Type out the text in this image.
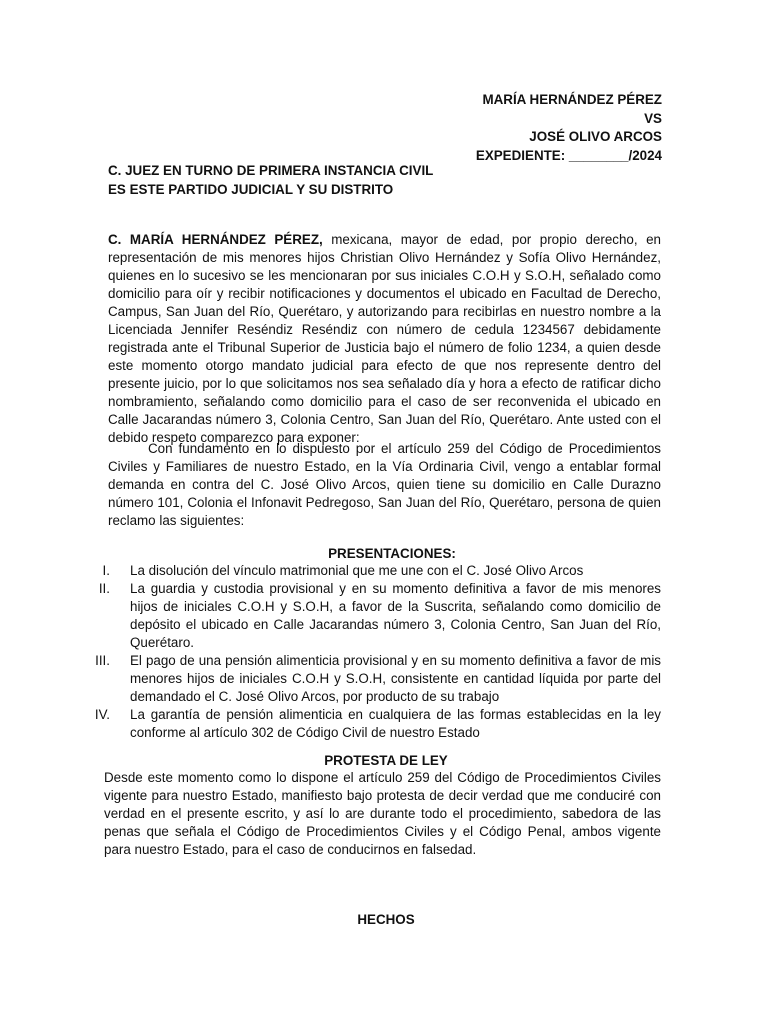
MARÍA HERNÁNDEZ PÉREZ
VS
JOSÉ OLIVO ARCOS
EXPEDIENTE: ________/2024
C. JUEZ EN TURNO DE PRIMERA INSTANCIA CIVIL
ES ESTE PARTIDO JUDICIAL Y SU DISTRITO
C. MARÍA HERNÁNDEZ PÉREZ, mexicana, mayor de edad, por propio derecho, en representación de mis menores hijos Christian Olivo Hernández y Sofía Olivo Hernández, quienes en lo sucesivo se les mencionaran por sus iniciales C.O.H y S.O.H, señalado como domicilio para oír y recibir notificaciones y documentos el ubicado en Facultad de Derecho, Campus, San Juan del Río, Querétaro, y autorizando para recibirlas en nuestro nombre a la Licenciada Jennifer Reséndiz Reséndiz con número de cedula 1234567 debidamente registrada ante el Tribunal Superior de Justicia bajo el número de folio 1234, a quien desde este momento otorgo mandato judicial para efecto de que nos represente dentro del presente juicio, por lo que solicitamos nos sea señalado día y hora a efecto de ratificar dicho nombramiento, señalando como domicilio para el caso de ser reconvenida el ubicado en Calle Jacarandas número 3, Colonia Centro, San Juan del Río, Querétaro. Ante usted con el debido respeto comparezco para exponer:
Con fundamento en lo dispuesto por el artículo 259 del Código de Procedimientos Civiles y Familiares de nuestro Estado, en la Vía Ordinaria Civil, vengo a entablar formal demanda en contra del C. José Olivo Arcos, quien tiene su domicilio en Calle Durazno número 101, Colonia el Infonavit Pedregoso, San Juan del Río, Querétaro, persona de quien reclamo las siguientes:
PRESENTACIONES:
I. La disolución del vínculo matrimonial que me une con el C. José Olivo Arcos
II. La guardia y custodia provisional y en su momento definitiva a favor de mis menores hijos de iniciales C.O.H y S.O.H, a favor de la Suscrita, señalando como domicilio de depósito el ubicado en Calle Jacarandas número 3, Colonia Centro, San Juan del Río, Querétaro.
III. El pago de una pensión alimenticia provisional y en su momento definitiva a favor de mis menores hijos de iniciales C.O.H y S.O.H, consistente en cantidad líquida por parte del demandado el C. José Olivo Arcos, por producto de su trabajo
IV. La garantía de pensión alimenticia en cualquiera de las formas establecidas en la ley conforme al artículo 302 de Código Civil de nuestro Estado
PROTESTA DE LEY
Desde este momento como lo dispone el artículo 259 del Código de Procedimientos Civiles vigente para nuestro Estado, manifiesto bajo protesta de decir verdad que me conduciré con verdad en el presente escrito, y así lo are durante todo el procedimiento, sabedora de las penas que señala el Código de Procedimientos Civiles y el Código Penal, ambos vigente para nuestro Estado, para el caso de conducirnos en falsedad.
HECHOS
